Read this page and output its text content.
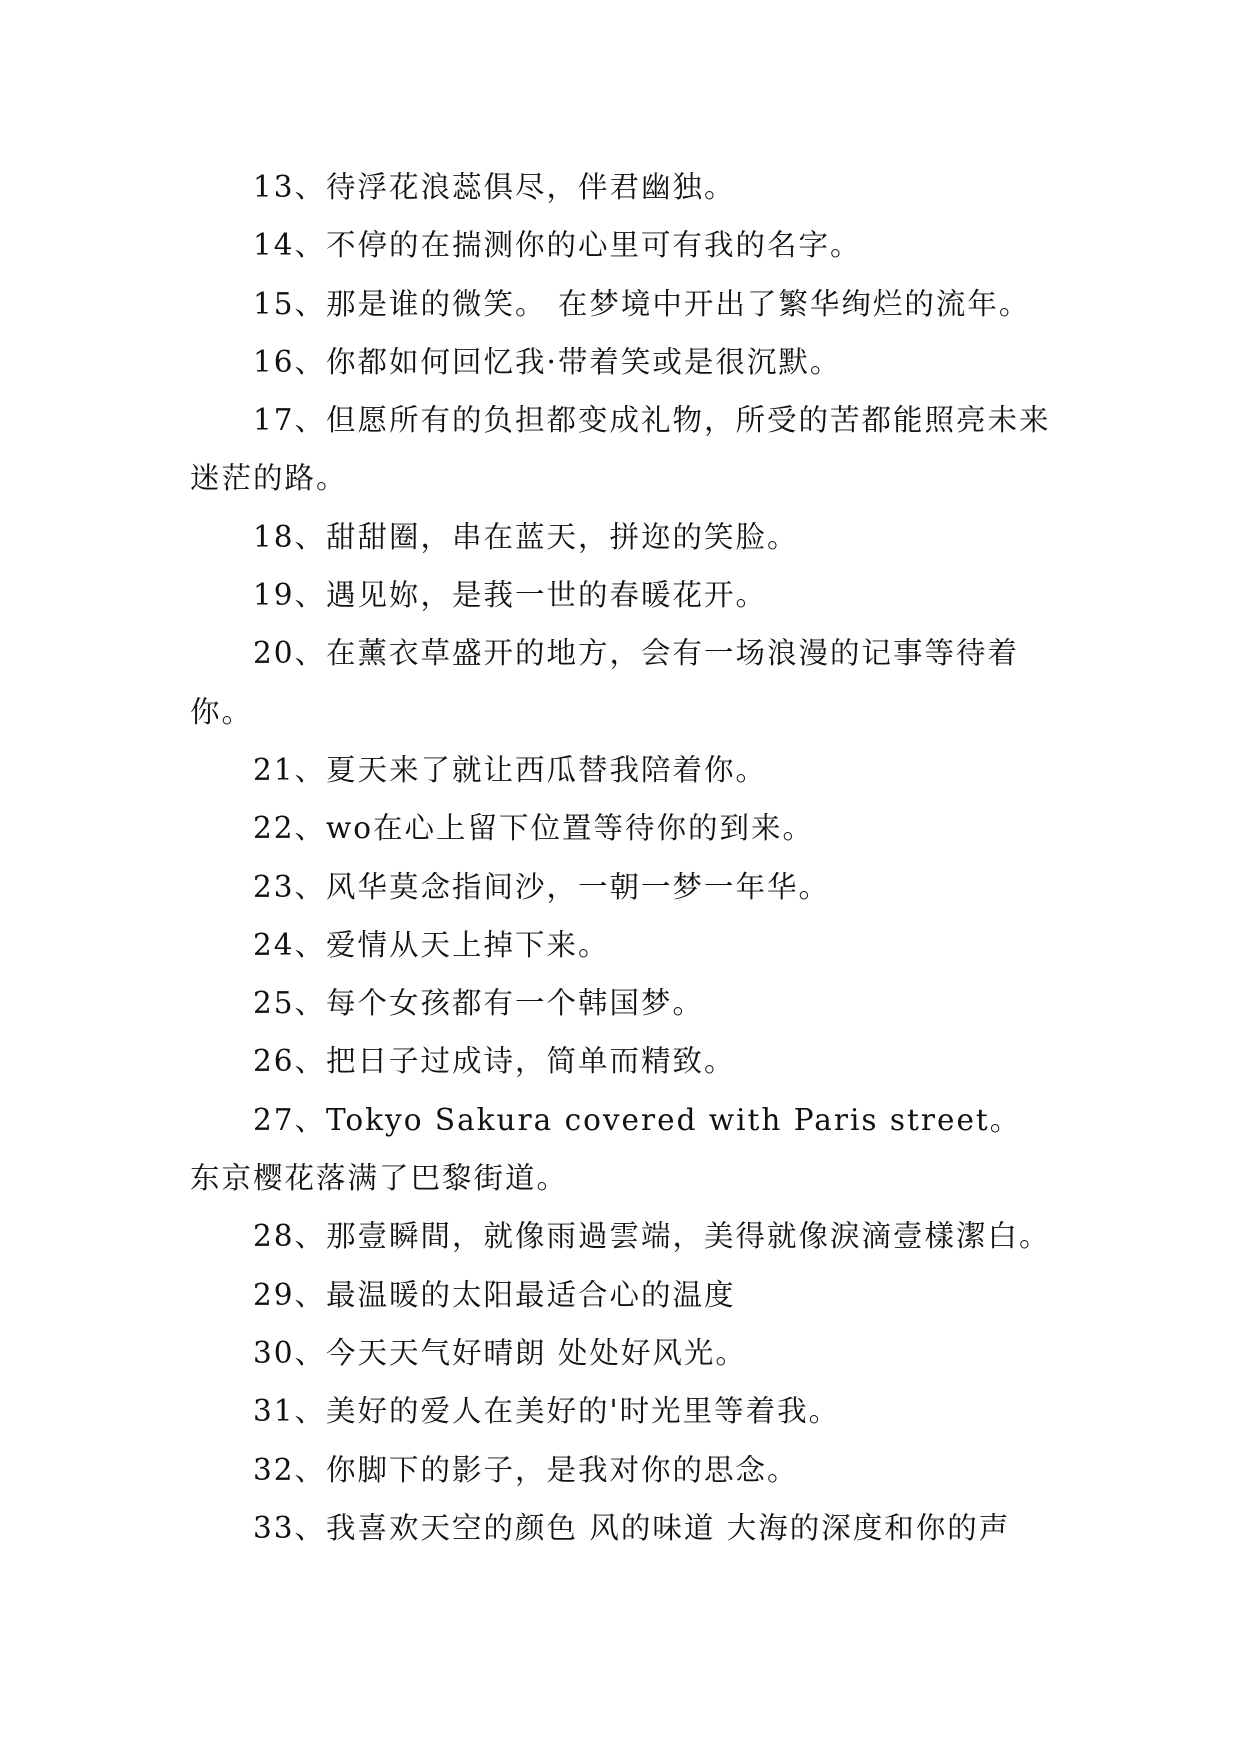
13、待浮花浪蕊俱尽，伴君幽独。

14、不停的在揣测你的心里可有我的名字。

15、那是谁的微笑。 在梦境中开出了繁华绚烂的流年。

16、你都如何回忆我·带着笑或是很沉默。

17、但愿所有的负担都变成礼物，所受的苦都能照亮未来迷茫的路。

18、甜甜圈，串在蓝天，拼迩的笑脸。

19、遇见妳，是莪一世的春暖花开。

20、在薰衣草盛开的地方，会有一场浪漫的记事等待着你。

21、夏天来了就让西瓜替我陪着你。

22、wo在心上留下位置等待你的到来。

23、风华莫念指间沙，一朝一梦一年华。

24、爱情从天上掉下来。

25、每个女孩都有一个韩国梦。

26、把日子过成诗，简单而精致。

27、Tokyo Sakura covered with Paris street。东京樱花落满了巴黎街道。

28、那壹瞬間，就像雨過雲端，美得就像淚滴壹樣潔白。

29、最温暖的太阳最适合心的温度

30、今天天气好晴朗 处处好风光。

31、美好的爱人在美好的'时光里等着我。

32、你脚下的影子，是我对你的思念。

33、我喜欢天空的颜色 风的味道 大海的深度和你的声
